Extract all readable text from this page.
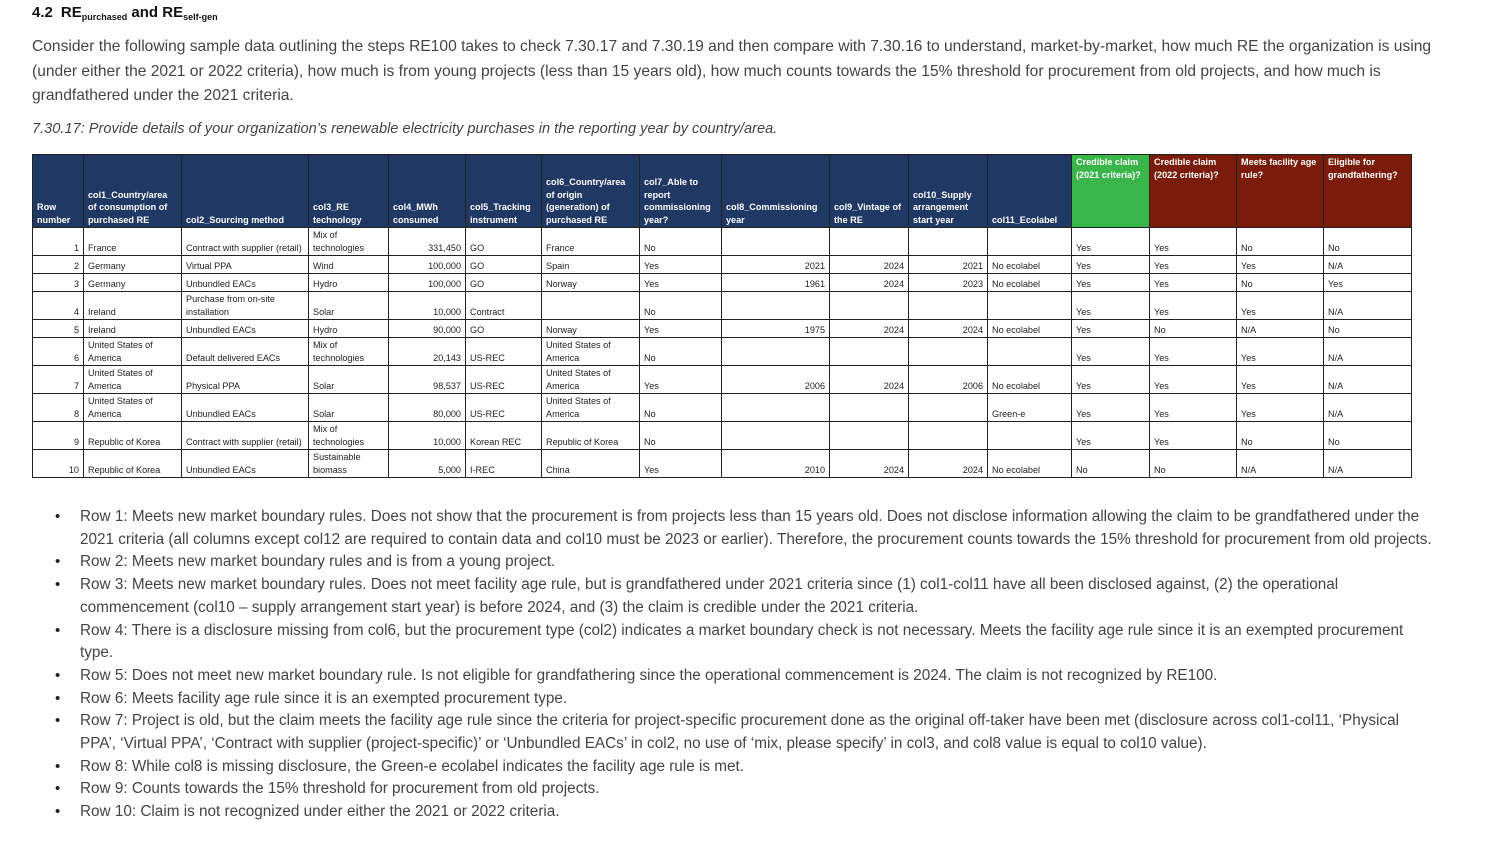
4.2 $RE_{purchased}$ and $RE_{self-gen}$

Consider the following sample data outlining the steps RE100 takes to check 7.30.17 and 7.30.19 and then compare with 7.30.16 to understand, market-by-market, how much RE the organization is using (under either the 2021 or 2022 criteria), how much is from young projects (less than 15 years old), how much counts towards the 15% threshold for procurement from old projects, and how much is grandfathered under the 2021 criteria.

7.30.17: Provide details of your organization’s renewable electricity purchases in the reporting year by country/area.

Row number	col1_Country/area of consumption of purchased RE	col2_Sourcing method	col3_RE technology	col4_MWh consumed	col5_Tracking instrument	col6_Country/area of origin (generation) of purchased RE	col7_Able to report commissioning year?	col8_Commissioning year	col9_Vintage of the RE	col10_Supply arrangement start year	col11_Ecolabel	Credible claim (2021 criteria)?	Credible claim (2022 criteria)?	Meets facility age rule?	Eligible for grandfathering?
1	France	Contract with supplier (retail)	Mix of technologies	331,450	GO	France	No					Yes	Yes	No	No
2	Germany	Virtual PPA	Wind	100,000	GO	Spain	Yes	2021	2024	2021	No ecolabel	Yes	Yes	Yes	N/A
3	Germany	Unbundled EACs	Hydro	100,000	GO	Norway	Yes	1961	2024	2023	No ecolabel	Yes	Yes	No	Yes
4	Ireland	Purchase from on-site installation	Solar	10,000	Contract		No					Yes	Yes	Yes	N/A
5	Ireland	Unbundled EACs	Hydro	90,000	GO	Norway	Yes	1975	2024	2024	No ecolabel	Yes	No	N/A	No
6	United States of America	Default delivered EACs	Mix of technologies	20,143	US-REC	United States of America	No					Yes	Yes	Yes	N/A
7	United States of America	Physical PPA	Solar	98,537	US-REC	United States of America	Yes	2006	2024	2006	No ecolabel	Yes	Yes	Yes	N/A
8	United States of America	Unbundled EACs	Solar	80,000	US-REC	United States of America	No				Green-e	Yes	Yes	Yes	N/A
9	Republic of Korea	Contract with supplier (retail)	Mix of technologies	10,000	Korean REC	Republic of Korea	No					Yes	Yes	No	No
10	Republic of Korea	Unbundled EACs	Sustainable biomass	5,000	I-REC	China	Yes	2010	2024	2024	No ecolabel	No	No	N/A	N/A
• Row 1: Meets new market boundary rules. Does not show that the procurement is from projects less than 15 years old. Does not disclose information allowing the claim to be grandfathered under the 2021 criteria (all columns except col12 are required to contain data and col10 must be 2023 or earlier). Therefore, the procurement counts towards the 15% threshold for procurement from old projects.
• Row 2: Meets new market boundary rules and is from a young project.
• Row 3: Meets new market boundary rules. Does not meet facility age rule, but is grandfathered under 2021 criteria since (1) col1-col11 have all been disclosed against, (2) the operational commencement (col10 – supply arrangement start year) is before 2024, and (3) the claim is credible under the 2021 criteria.
• Row 4: There is a disclosure missing from col6, but the procurement type (col2) indicates a market boundary check is not necessary. Meets the facility age rule since it is an exempted procurement type.
• Row 5: Does not meet new market boundary rule. Is not eligible for grandfathering since the operational commencement is 2024. The claim is not recognized by RE100.
• Row 6: Meets facility age rule since it is an exempted procurement type.
• Row 7: Project is old, but the claim meets the facility age rule since the criteria for project-specific procurement done as the original off-taker have been met (disclosure across col1-col11, ‘Physical PPA’, ‘Virtual PPA’, ‘Contract with supplier (project-specific)’ or ‘Unbundled EACs’ in col2, no use of ‘mix, please specify’ in col3, and col8 value is equal to col10 value).
• Row 8: While col8 is missing disclosure, the Green-e ecolabel indicates the facility age rule is met.
• Row 9: Counts towards the 15% threshold for procurement from old projects.
• Row 10: Claim is not recognized under either the 2021 or 2022 criteria.
